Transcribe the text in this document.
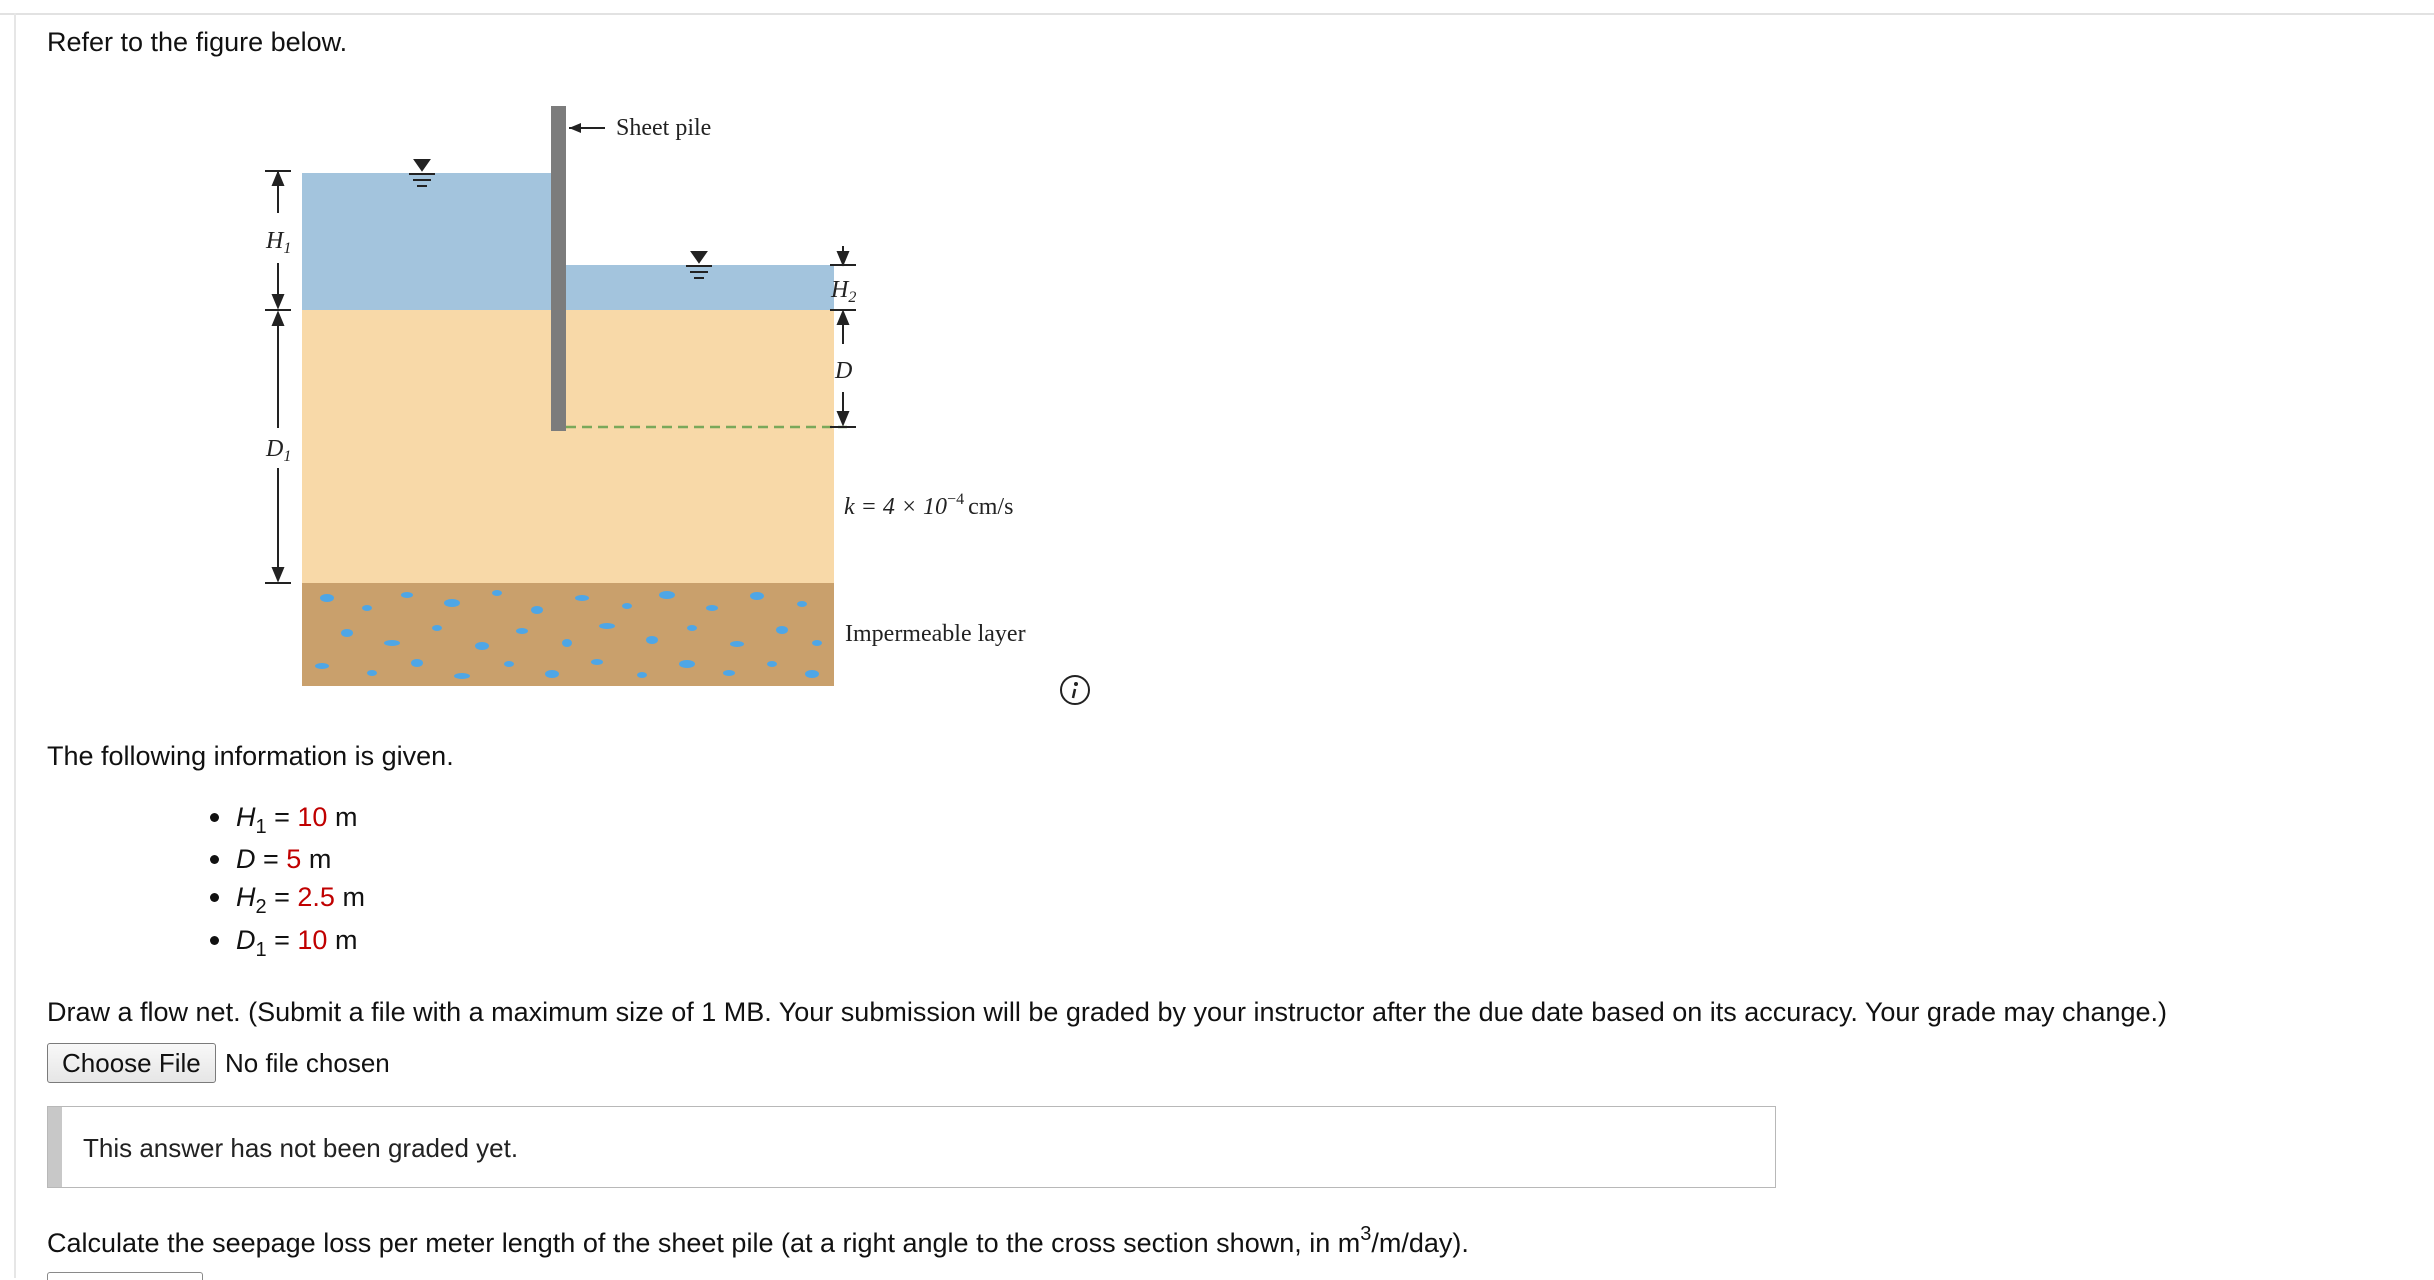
Refer to the figure below.
Sheet pile
$H_1$
$D_1$
$H_2$
D
$k = 4 \times 10^{-4}$ cm/s
Impermeable layer
The following information is given.
$H_1 = 10$ m
D = 5 m
$H_2 = 2.5$ m
$D_1 = 10$ m
Draw a flow net. (Submit a file with a maximum size of 1 MB. Your submission will be graded by your instructor after the due date based on its accuracy. Your grade may change.)
Choose File No file chosen
This answer has not been graded yet.
Calculate the seepage loss per meter length of the sheet pile (at a right angle to the cross section shown, in $m^3/m/day$).
